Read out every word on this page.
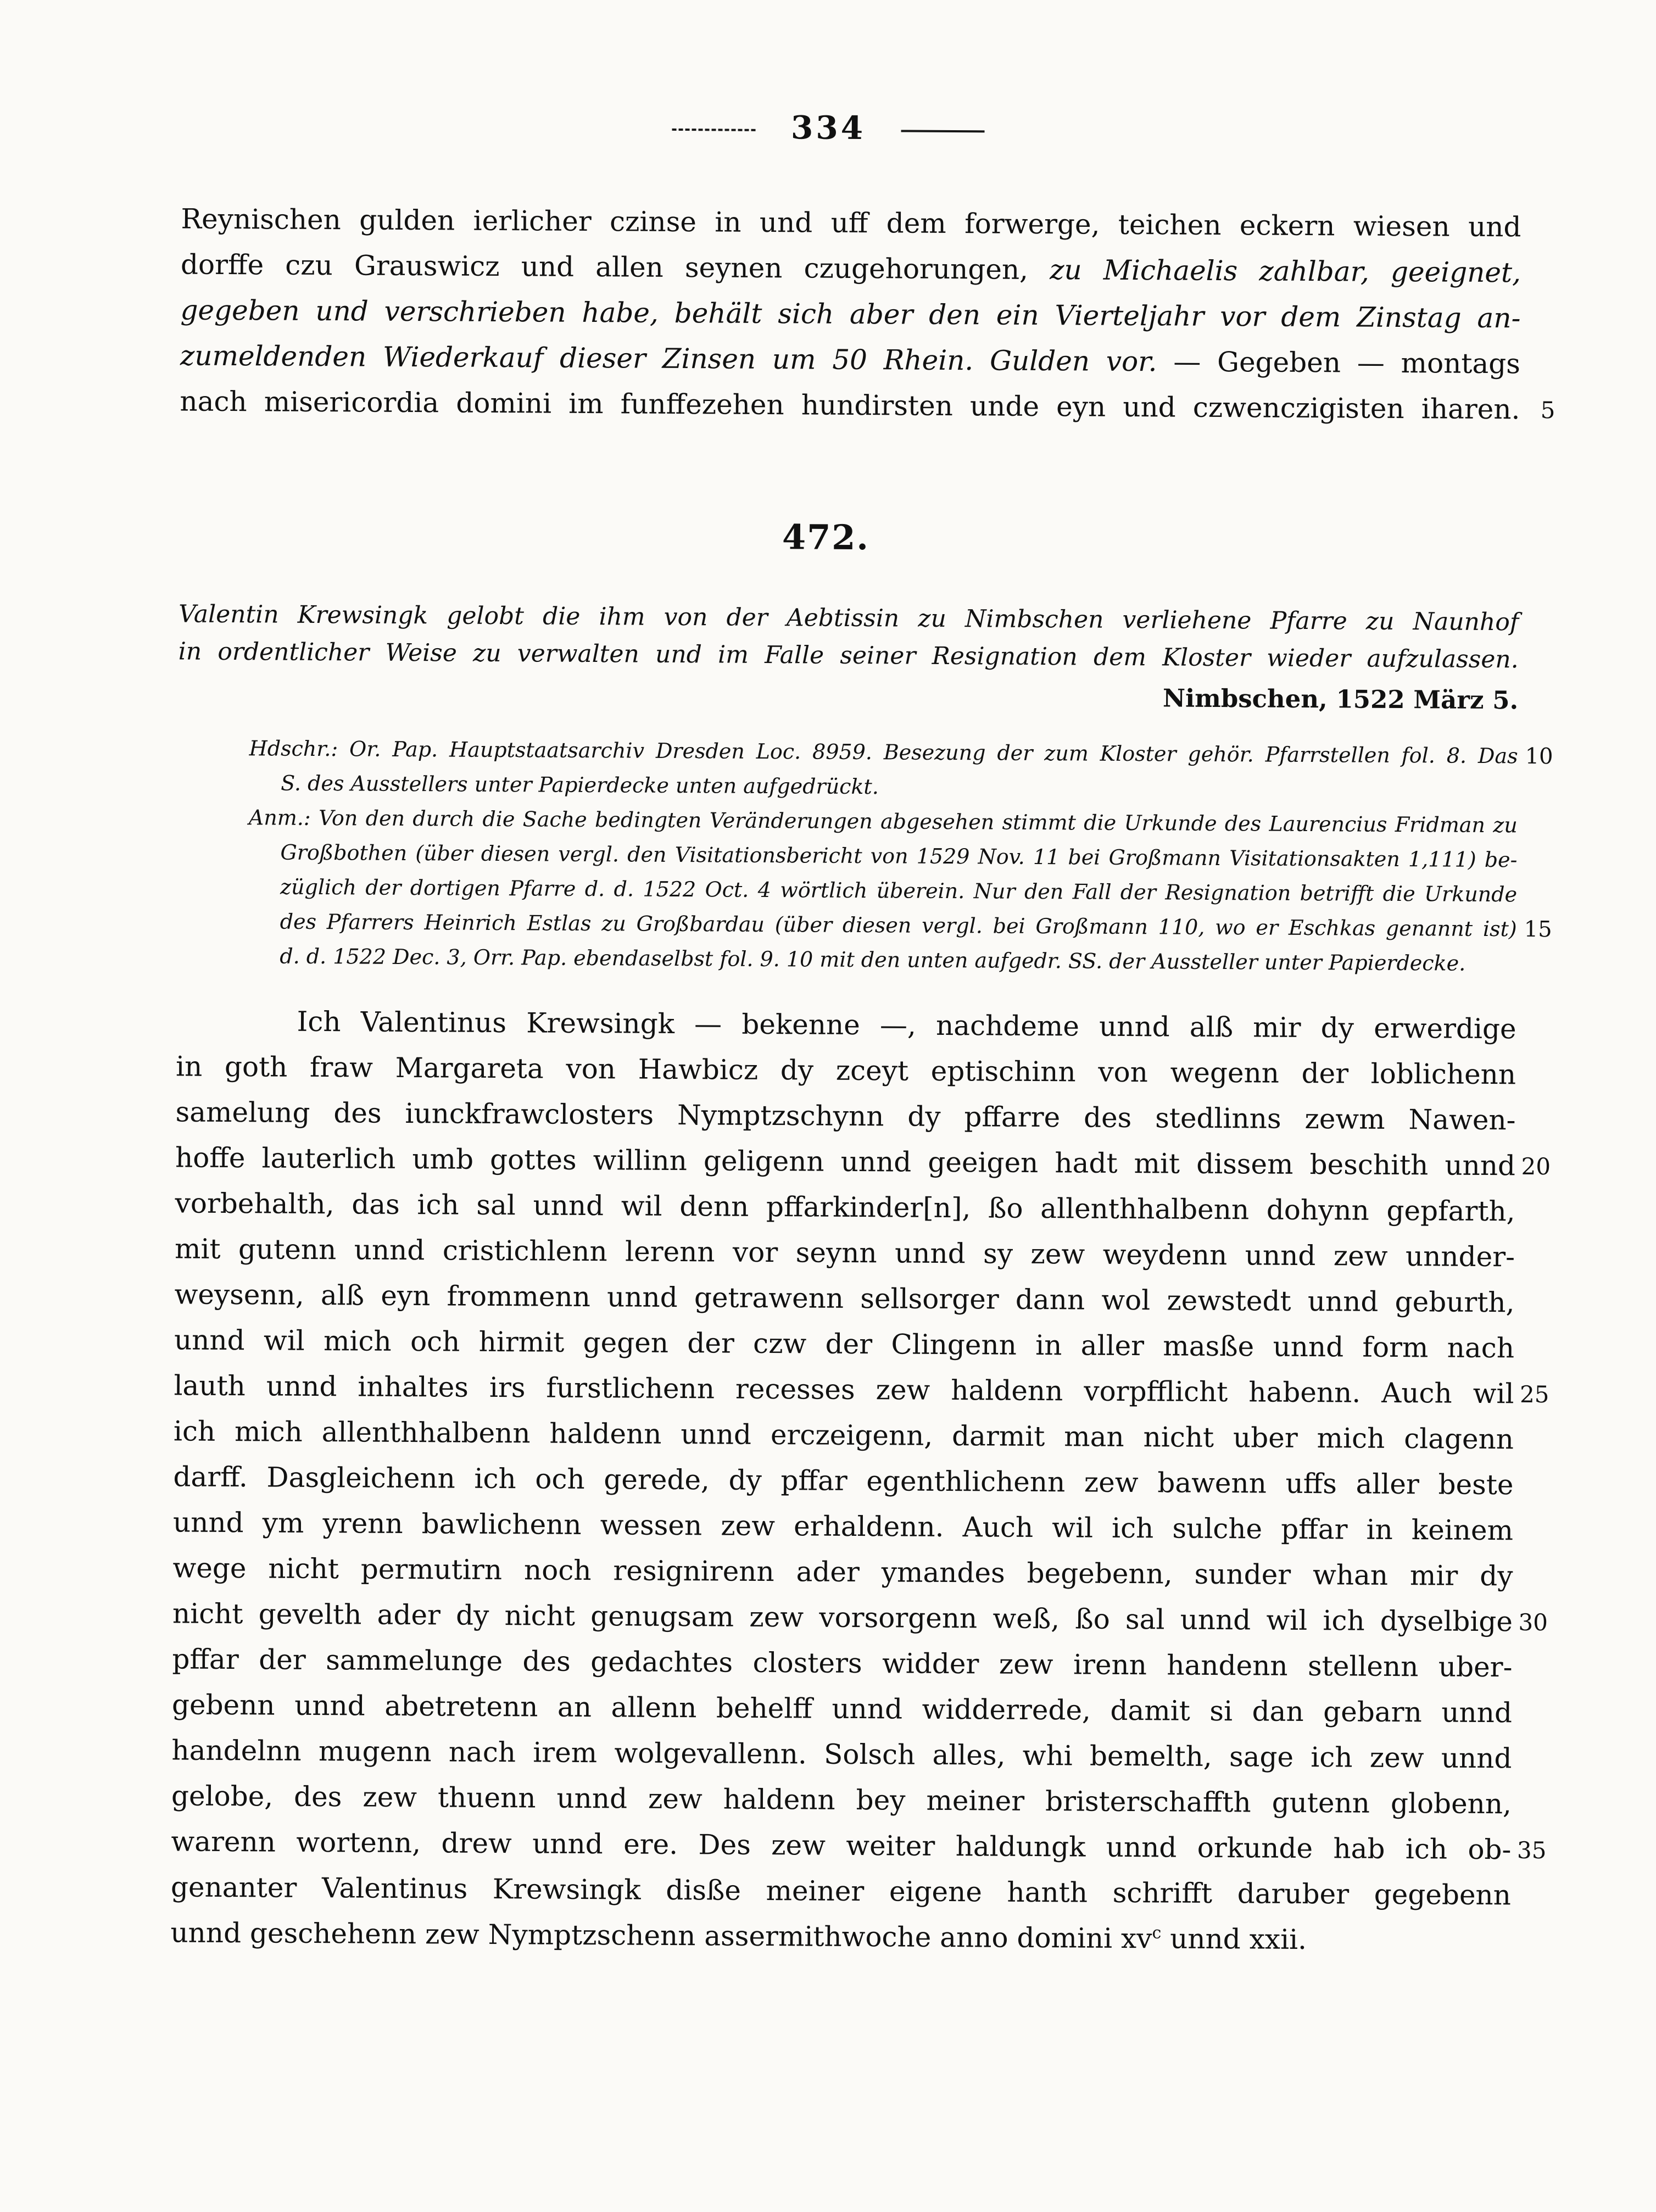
334
Reynischen gulden ierlicher czinse in und uff dem forwerge, teichen eckern wiesen und
dorffe czu Grauswicz und allen seynen czugehorungen, zu Michaelis zahlbar, geeignet,
gegeben und verschrieben habe, behält sich aber den ein Vierteljahr vor dem Zinstag an-
zumeldenden Wiederkauf dieser Zinsen um 50 Rhein. Gulden vor. — Gegeben — montags
nach misericordia domini im funffezehen hundirsten unde eyn und czwenczigisten iharen. 5
472.
Valentin Krewsingk gelobt die ihm von der Aebtissin zu Nimbschen verliehene Pfarre zu Naunhof
in ordentlicher Weise zu verwalten und im Falle seiner Resignation dem Kloster wieder aufzulassen.
Nimbschen, 1522 März 5.
Hdschr.: Or. Pap. Hauptstaatsarchiv Dresden Loc. 8959. Besezung der zum Kloster gehör. Pfarrstellen fol. 8. Das 10
S. des Ausstellers unter Papierdecke unten aufgedrückt.
Anm.: Von den durch die Sache bedingten Veränderungen abgesehen stimmt die Urkunde des Laurencius Fridman zu
Großbothen (über diesen vergl. den Visitationsbericht von 1529 Nov. 11 bei Großmann Visitationsakten 1,111) be-
züglich der dortigen Pfarre d. d. 1522 Oct. 4 wörtlich überein. Nur den Fall der Resignation betrifft die Urkunde
des Pfarrers Heinrich Estlas zu Großbardau (über diesen vergl. bei Großmann 110, wo er Eschkas genannt ist) 15
d. d. 1522 Dec. 3, Orr. Pap. ebendaselbst fol. 9. 10 mit den unten aufgedr. SS. der Aussteller unter Papierdecke.
Ich Valentinus Krewsingk — bekenne —, nachdeme unnd alß mir dy erwerdige
in goth fraw Margareta von Hawbicz dy zceyt eptischinn von wegenn der loblichenn
samelung des iunckfrawclosters Nymptzschynn dy pffarre des stedlinns zewm Nawen-
hoffe lauterlich umb gottes willinn geligenn unnd geeigen hadt mit dissem beschith unnd 20
vorbehalth, das ich sal unnd wil denn pffarkinder[n], ßo allenthhalbenn dohynn gepfarth,
mit gutenn unnd cristichlenn lerenn vor seynn unnd sy zew weydenn unnd zew unnder-
weysenn, alß eyn frommenn unnd getrawenn sellsorger dann wol zewstedt unnd geburth,
unnd wil mich och hirmit gegen der czw der Clingenn in aller masße unnd form nach
lauth unnd inhaltes irs furstlichenn recesses zew haldenn vorpfflicht habenn. Auch wil 25
ich mich allenthhalbenn haldenn unnd erczeigenn, darmit man nicht uber mich clagenn
darff. Dasgleichenn ich och gerede, dy pffar egenthlichenn zew bawenn uffs aller beste
unnd ym yrenn bawlichenn wessen zew erhaldenn. Auch wil ich sulche pffar in keinem
wege nicht permutirn noch resignirenn ader ymandes begebenn, sunder whan mir dy
nicht gevelth ader dy nicht genugsam zew vorsorgenn weß, ßo sal unnd wil ich dyselbige 30
pffar der sammelunge des gedachtes closters widder zew irenn handenn stellenn uber-
gebenn unnd abetretenn an allenn behelff unnd widderrede, damit si dan gebarn unnd
handelnn mugenn nach irem wolgevallenn. Solsch alles, whi bemelth, sage ich zew unnd
gelobe, des zew thuenn unnd zew haldenn bey meiner bristerschaffth gutenn globenn,
warenn wortenn, drew unnd ere. Des zew weiter haldungk unnd orkunde hab ich ob- 35
genanter Valentinus Krewsingk disße meiner eigene hanth schrifft daruber gegebenn
unnd geschehenn zew Nymptzschenn assermithwoche anno domini $xv^c$ unnd xxii.
